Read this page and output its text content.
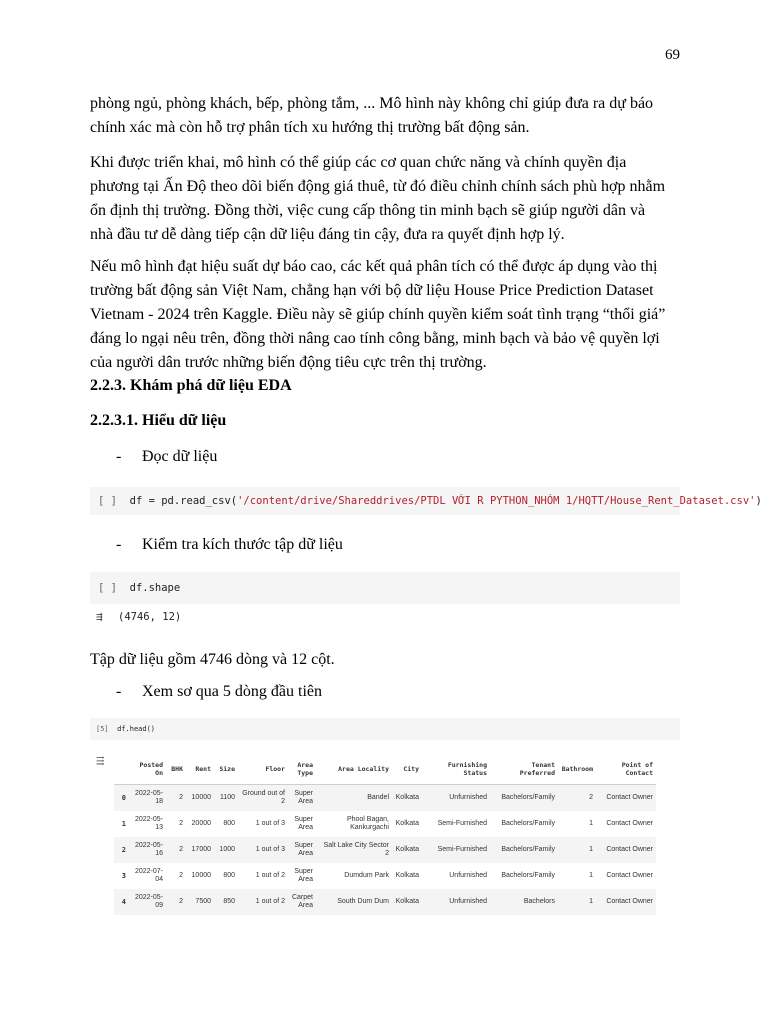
69

phòng ngủ, phòng khách, bếp, phòng tắm, ... Mô hình này không chỉ giúp đưa ra dự báo
chính xác mà còn hỗ trợ phân tích xu hướng thị trường bất động sản.

Khi được triển khai, mô hình có thể giúp các cơ quan chức năng và chính quyền địa
phương tại Ấn Độ theo dõi biến động giá thuê, từ đó điều chỉnh chính sách phù hợp nhằm
ổn định thị trường. Đồng thời, việc cung cấp thông tin minh bạch sẽ giúp người dân và
nhà đầu tư dễ dàng tiếp cận dữ liệu đáng tin cậy, đưa ra quyết định hợp lý.

Nếu mô hình đạt hiệu suất dự báo cao, các kết quả phân tích có thể được áp dụng vào thị
trường bất động sản Việt Nam, chẳng hạn với bộ dữ liệu House Price Prediction Dataset
Vietnam - 2024 trên Kaggle. Điều này sẽ giúp chính quyền kiểm soát tình trạng “thổi giá”
đáng lo ngại nêu trên, đồng thời nâng cao tính công bằng, minh bạch và bảo vệ quyền lợi
của người dân trước những biến động tiêu cực trên thị trường.

2.2.3. Khám phá dữ liệu EDA
2.2.3.1. Hiểu dữ liệu
- Đọc dữ liệu
[ ] df = pd.read_csv('/content/drive/Shareddrives/PTDL VỚI R PYTHON_NHÓM 1/HQTT/House_Rent_Dataset.csv')
- Kiểm tra kích thước tập dữ liệu
[ ] df.shape
⇶ (4746, 12)
Tập dữ liệu gồm 4746 dòng và 12 cột.
- Xem sơ qua 5 dòng đầu tiên
[5] df.head()
⇶
		Posted On	BHK	Rent	Size	Floor	Area Type	Area Locality	City	Furnishing Status	Tenant Preferred	Bathroom	Point of Contact
0	2022-05-18	2	10000	1100	Ground out of 2	Super Area	Bandel	Kolkata	Unfurnished	Bachelors/Family	2	Contact Owner
1	2022-05-13	2	20000	800	1 out of 3	Super Area	Phool Bagan, Kankurgachi	Kolkata	Semi-Furnished	Bachelors/Family	1	Contact Owner
2	2022-05-16	2	17000	1000	1 out of 3	Super Area	Salt Lake City Sector 2	Kolkata	Semi-Furnished	Bachelors/Family	1	Contact Owner
3	2022-07-04	2	10000	800	1 out of 2	Super Area	Dumdum Park	Kolkata	Unfurnished	Bachelors/Family	1	Contact Owner
4	2022-05-09	2	7500	850	1 out of 2	Carpet Area	South Dum Dum	Kolkata	Unfurnished	Bachelors	1	Contact Owner
